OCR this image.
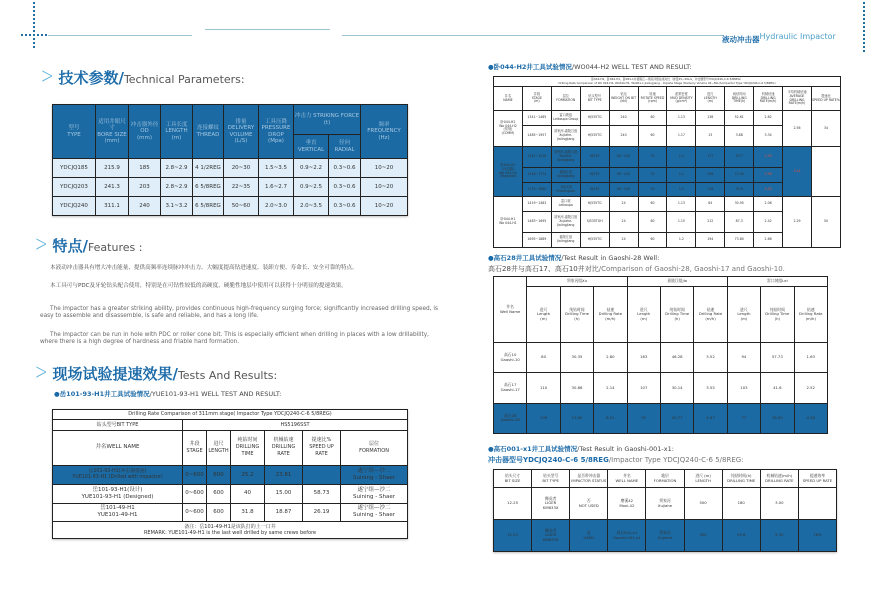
液动冲击器Hydraulic Impactor
> 技术参数 / Technical Parameters:
型号
TYPE	适用井眼尺寸
BORE SIZE
(mm)	冲击器外径
OD
(mm)	工具长度
LENGTH
(m)	连接螺纹
THREAD	排量
DELIVERY VOLUME
(L/S)	工具压降
PRESSURE DROP
(Mpa)	冲击力 STRIKING FORCE (t)		频率
FREQUENCY
(Hz)
							垂直
VERTICAL	径向
RADIAL	
YDCJQ185	215.9	185	2.8~2.9	4 1/2REG	20~30	1.5~3.5	0.9~2.2	0.3~0.6	10~20
YDCJQ203	241.3	203	2.8~2.9	6 5/8REG	22~35	1.6~2.7	0.9~2.5	0.3~0.6	10~20
YDCJQ240	311.1	240	3.1~3.2	6 5/8REG	50~60	2.0~3.0	2.0~3.5	0.3~0.6	10~20
> 特点 / Features :
本液动冲击器具有增大冲击能量、提供高频率连续脉冲冲击力、大幅度提高钻进速度、装卸方便、寿命长、安全可靠的特点。
本工具可与PDC及牙轮钻头配合使用，特别是在可钻性较低的高硬度、硬脆性地层中使用可以获得十分明显的提速效果。
The impactor has a greater striking ability, provides continuous high-frequency surging force; significantly increased drilling speed, is easy to assemble and disassemble, is safe and reliable, and has a long life.
The impactor can be run in hole with PDC or roller cone bit. This is especially efficient when drilling in places with a low drillability, where there is a high degree of hardness and friable hard formation.
> 现场试验提速效果 / Tests And Results:
●岳101-93-H1井工具试验情况/YUE101-93-H1 WELL TEST AND RESULT:
Drilling Rate Comparison of 311mm stage( Impactor Type YDCJQ240-C-6 5/8REG)						
钻头型号BIT TYPE	HS5196SST					
井名WELL NAME	井段
STAGE	进尺
LENGTH	纯钻时间
DRILLING TIME	机械钻速
DRILLING RATE	提速比%
SPEED UP RATE	层位
FORMATION
岳101-93-H1(冲击器提速)
YUE101-93-H1 (Drilled with impactor)	0~600	600	25.2	23.81		遂宁组—沙二
Suining - Shaer
岳101-93-H1(设计)
YUE101-93-H1 (Designed)	0~600	600	40	15.00	58.73	遂宁组—沙二
Suining - Shaer
岳101-49-H1
YUE101-49-H1	0~600	600	31.8	18.87	26.19	遂宁组—沙二
Suining - Shaer

备注：岳101-49-H1是该队打的上一口井
REMARK: YUE101-49-H1 is the last well drilled by same crews before						
●卧044-H2井工具试验情况/WO044-H2 WELL TEST AND RESULT:
卧044-H2、卧044-H1、卧061-1井嘉陵江—须家河组钻速对比（排量45~50L/s，冲击器型号YDCJQ240-C-6 5/8REG）
Drilling Rate Comparison of Wo 044-H2, Wo044-H1, Wo061-1 Jialingjiang - Xujiahe Stage (Delivery Volume 45~50L/S,Impactor Type YDCJQ240-C-6 5/8REG)											

井名
NAME	井段
STAGE
(m)	层位
FORMATION	钻头型号
BIT TYPE	钻压
WEIGHT ON BIT
(kN)	转速
ROTATE SPEED
(rpm)	泥浆密度
MUD DENSITY
(g/cm³)	进尺
LENGTH
(m)	纯钻时间
DRILLING TIME(h)	机械钻速
DRILLING RATE(m/h)	平均机械钻速
AVERAGE DRILLING RATE(m/h)	提速比
SPEED UP RATE%
卧044-H2
Wo 044-H2
(常规)
(COMM)	1341~1485	雷口坡组
Leikoupo Group	HJ535TG	240	60	1.13	138	52.61	2.62	2.56	34
	1485~1957	须家河-嘉陵江组
Xujiahe-Jialingjiang	HJ535TG	240	60	1.17	13	3.88	3.34		
卧044-H2
(冲击器)
Wo 044-H2
(Impactor)	1341~1518	须家河-嘉陵江组
Xujiahe-Jialingjiang	HJ535	80~100	70	1.2	177	53.7	3.30	3.44	
	1518~1774	嘉陵江组
Jialingjiang	HJ535	80~100	70	1.2	256	72.00	3.56		
	1774~1890	飞仙关组
Feixianguan	HJ535	80~100	70	1.2	116	33.6	3.45		
卧044-H1
Wo 044-H1	1419~1483	雷口坡
Leikoupo	HJ535TG	24	60	1.13	64	30.95	2.06	2.29	50
	1483~1695	须家河-嘉陵江组
Xujiahe-Jialingjiang	SJ535TGH	24	60	1.15	212	87.3	2.42		
	1695~1889	嘉陵江组
Jialingjiang	HJ535TG	24	60	1.2	194	73.80	2.66		
●高石28井工具试验情况/Test Result in Gaoshi-28 Well:
高石28井与高石17、高石10井对比/Comparison of Gaoshi-28, Gaoshi-17 and Gaoshi-10.
井名
Well Name	须家河组Xu			嘉陵江组Jia			雷口坡组Lei		
	进尺
Length
(m)	纯钻时间
Drilling Time
(h)	钻速
Drilling Rate
(m/h)	进尺
Length
(m)	纯钻时间
Drilling Time
(h)	钻速
Drilling Rate
(m/h)	进尺
Length
(m)	纯钻时间
Drilling Time
(h)	钻速
Drilling Rate
(m/h)
高石10
Gaoshi-10	80	30.35	2.80	163	46.28	3.52	94	57.73	1.63
高石17
Gaoshi-17	110	30.86	2.14	107	30.14	3.55	103	41.6	2.52
高石28
Gaoshi-28	109	13.60	8.01	97	20.77	4.67	77	18.00	4.28
●高石001-x1井工具试验情况/Test Result in Gaoshi-001-x1:
冲击器型号YDCJQ240-C-6 5/8REG/Impactor Type YDCJQ240-C-6 5/8REG:
钻头尺寸
BIT SIZE	钻头型号
BIT TYPE	是否带冲击器
IMPACTOR STATUS	井名
WELL NAME	地层
FORMATION	进尺 (m)
LENGTH	纯钻时间(h)
DRILLING TIME	机械钻速(m/h)
DRILLING RATE	提速效率
SPEED UP RATE
12.25	狮虎者
LIGER
KM633X	否
NOT USED	磨溪42
Moxi-42	须家河
Xujiahe	500	180	3.00	
12.25	狮虎者
LIGER
KM633X	是
USED	高石001-x1
Gaoshi-001-x1	须家河
Xujiahe	500	93.6	5.35	78%
